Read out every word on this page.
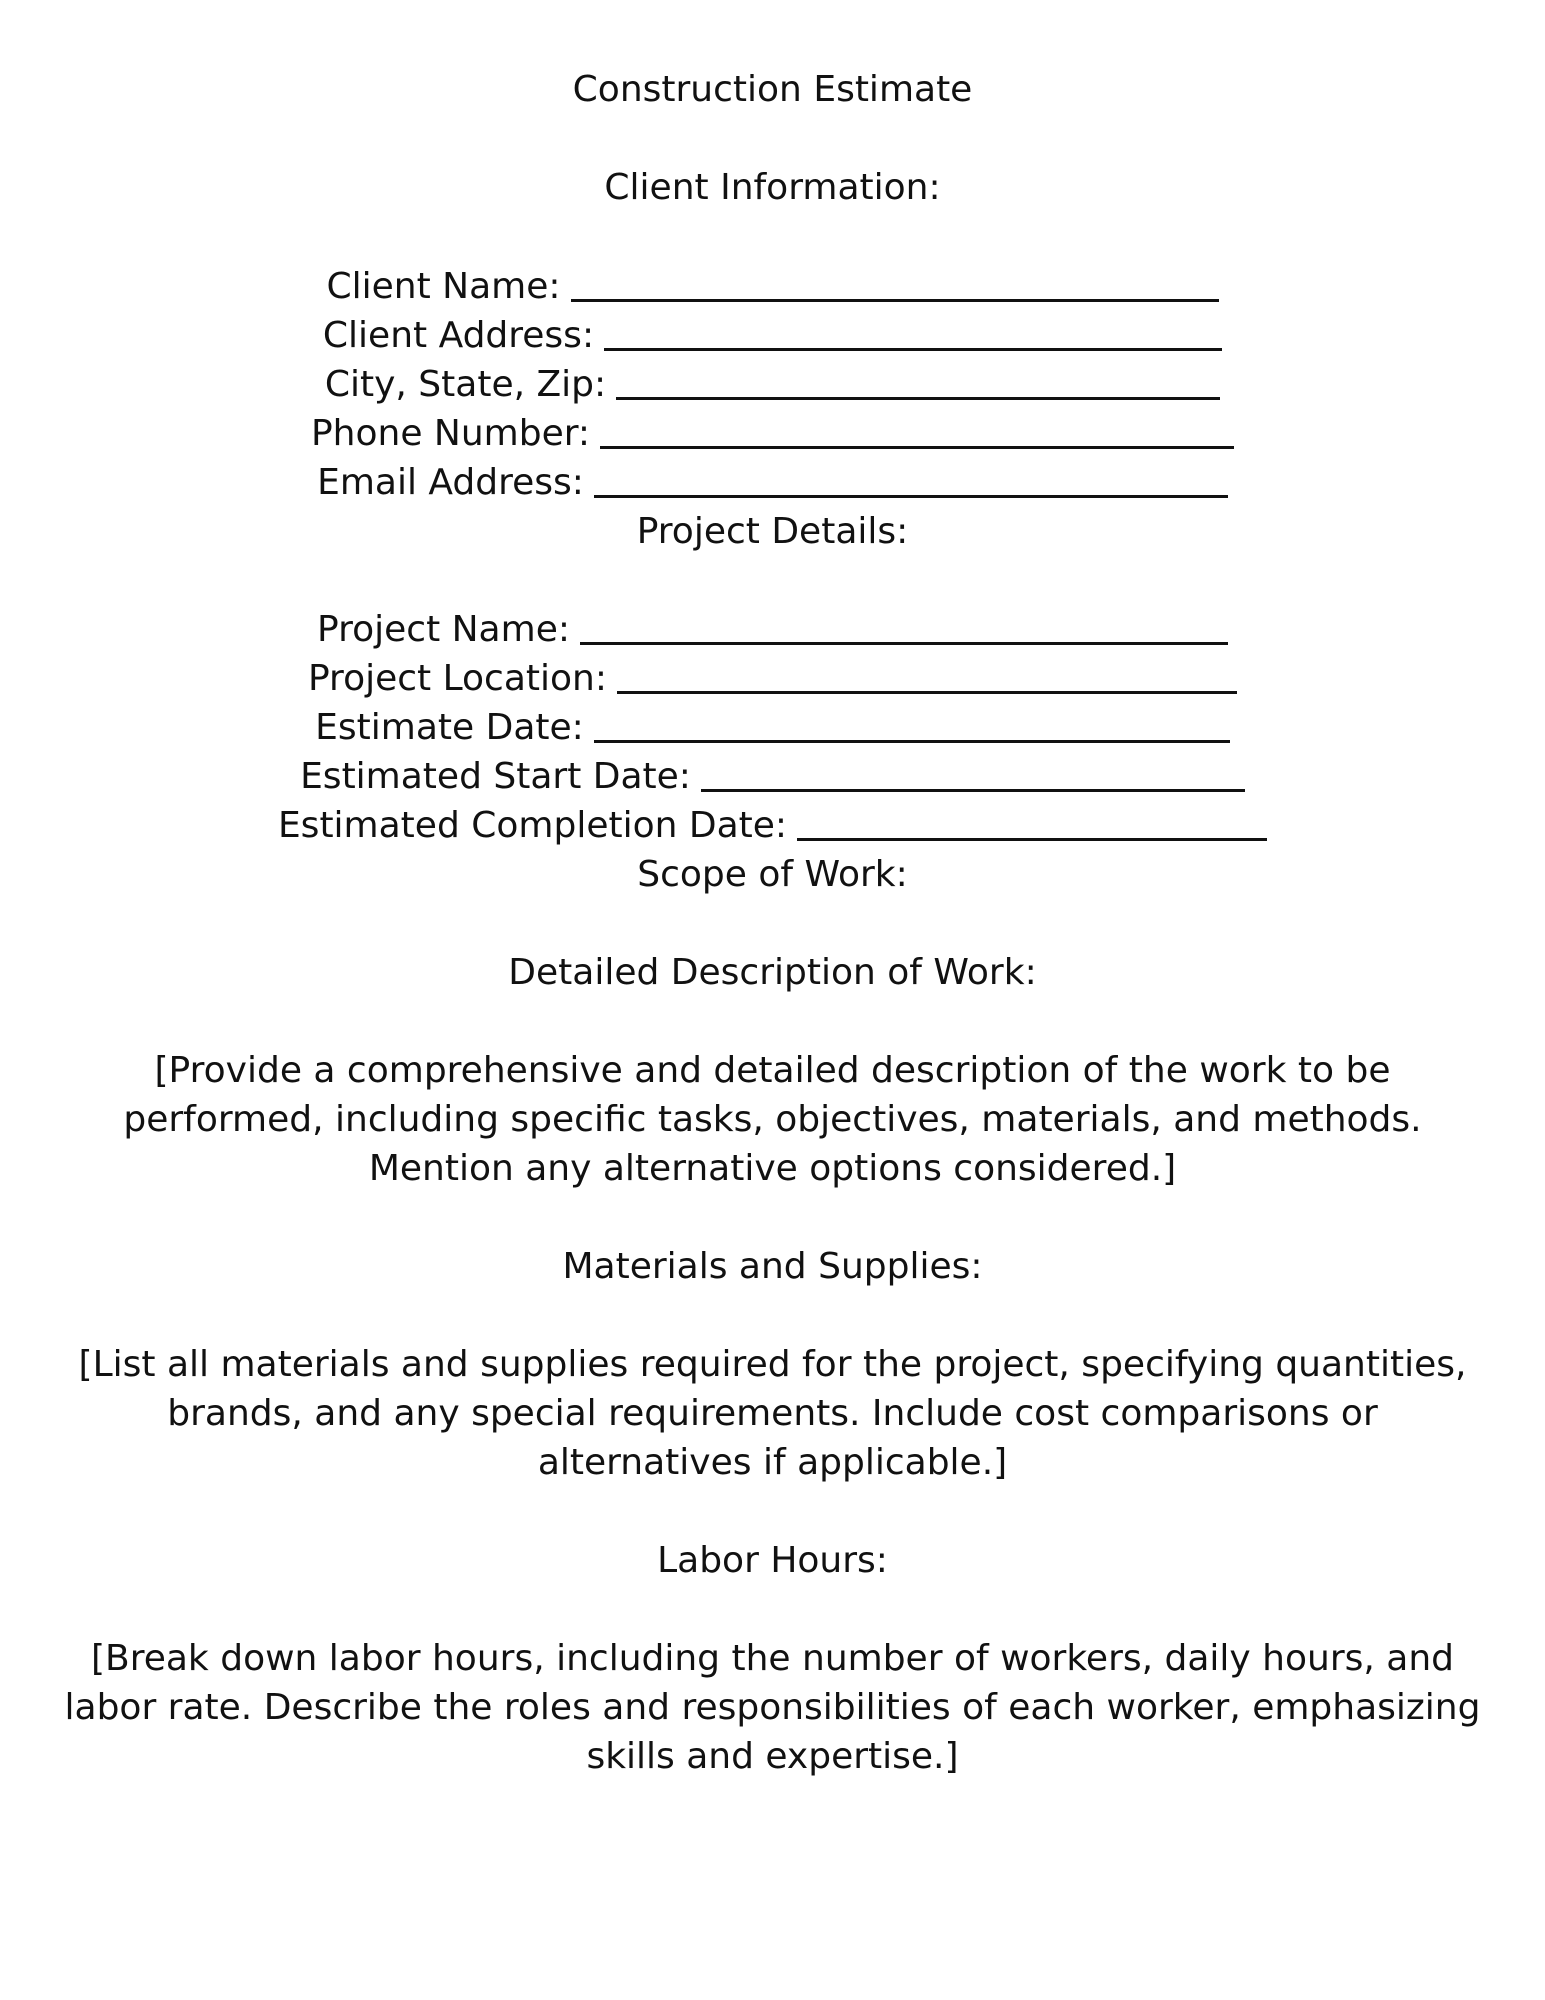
Construction Estimate
Client Information:
Client Name:
Client Address:
City, State, Zip:
Phone Number:
Email Address:
Project Details:
Project Name:
Project Location:
Estimate Date:
Estimated Start Date:
Estimated Completion Date:
Scope of Work:
Detailed Description of Work:
[Provide a comprehensive and detailed description of the work to be performed, including specific tasks, objectives, materials, and methods. Mention any alternative options considered.]
Materials and Supplies:
[List all materials and supplies required for the project, specifying quantities, brands, and any special requirements. Include cost comparisons or alternatives if applicable.]
Labor Hours:
[Break down labor hours, including the number of workers, daily hours, and labor rate. Describe the roles and responsibilities of each worker, emphasizing skills and expertise.]
